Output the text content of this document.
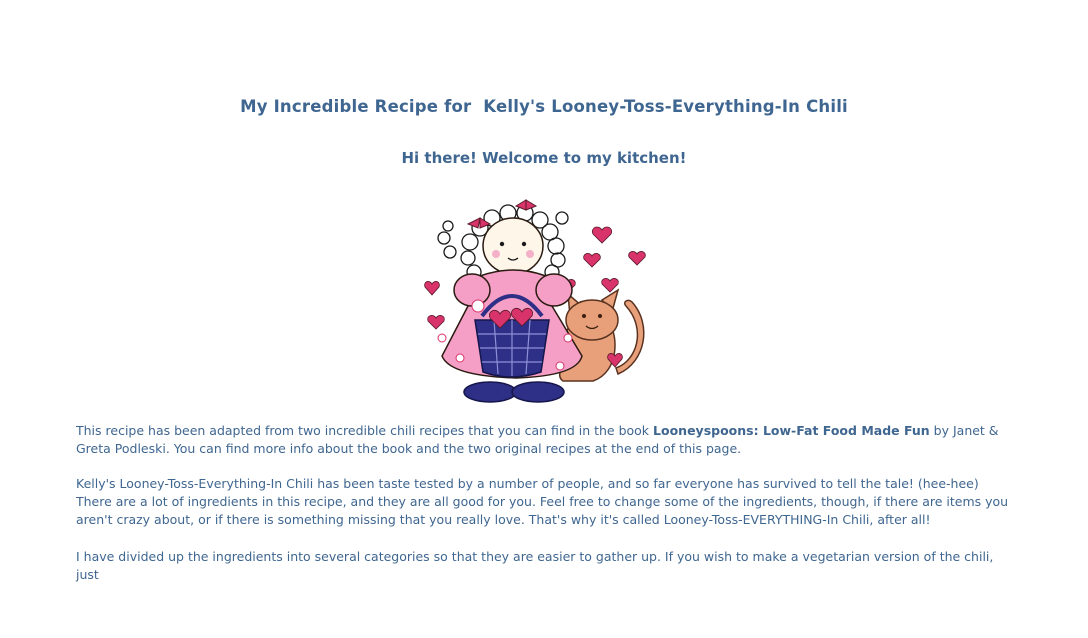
My Incredible Recipe for  Kelly's Looney-Toss-Everything-In Chili
Hi there! Welcome to my kitchen!

This recipe has been adapted from two incredible chili recipes that you can find in the book Looneyspoons: Low-Fat Food Made Fun by Janet & Greta Podleski. You can find more info about the book and the two original recipes at the end of this page.

Kelly's Looney-Toss-Everything-In Chili has been taste tested by a number of people, and so far everyone has survived to tell the tale! (hee-hee) There are a lot of ingredients in this recipe, and they are all good for you. Feel free to change some of the ingredients, though, if there are items you aren't crazy about, or if there is something missing that you really love. That's why it's called Looney-Toss-EVERYTHING-In Chili, after all!

I have divided up the ingredients into several categories so that they are easier to gather up. If you wish to make a vegetarian version of the chili, just
